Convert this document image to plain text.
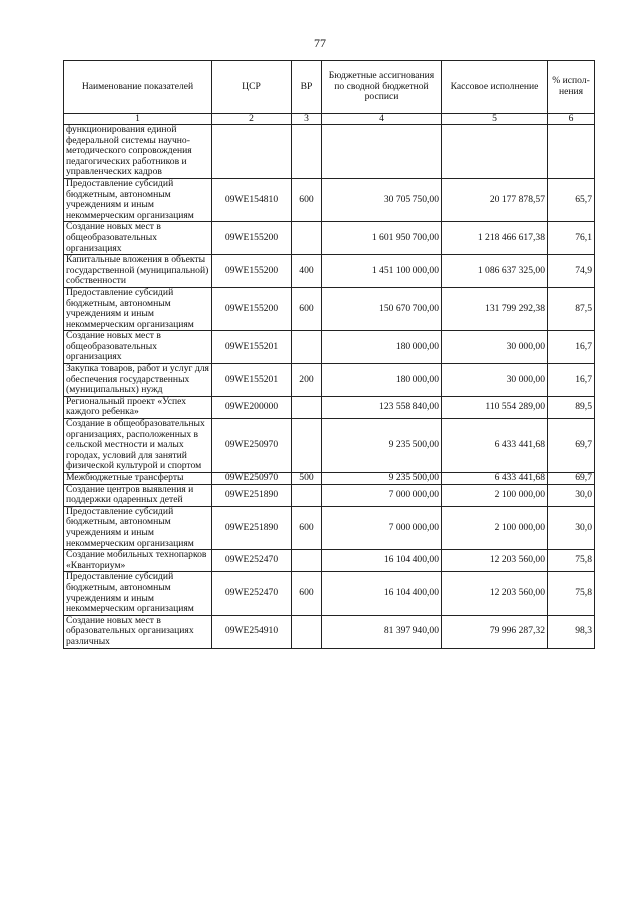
77
Наименование показателей	ЦСР	ВР	Бюджетные ассигнования по сводной бюджетной росписи	Кассовое исполнение	% испол-нения
1	2	3	4	5	6
функционирования единой федеральной системы научно-методического сопровождения педагогических работников и управленческих кадров					
Предоставление субсидий бюджетным, автономным учреждениям и иным некоммерческим организациям	09WE154810	600	30 705 750,00	20 177 878,57	65,7
Создание новых мест в общеобразовательных организациях	09WE155200		1 601 950 700,00	1 218 466 617,38	76,1
Капитальные вложения в объекты государственной (муниципальной) собственности	09WE155200	400	1 451 100 000,00	1 086 637 325,00	74,9
Предоставление субсидий бюджетным, автономным учреждениям и иным некоммерческим организациям	09WE155200	600	150 670 700,00	131 799 292,38	87,5
Создание новых мест в общеобразовательных организациях	09WE155201		180 000,00	30 000,00	16,7
Закупка товаров, работ и услуг для обеспечения государственных (муниципальных) нужд	09WE155201	200	180 000,00	30 000,00	16,7
Региональный проект «Успех каждого ребенка»	09WE200000		123 558 840,00	110 554 289,00	89,5
Создание в общеобразовательных организациях, расположенных в сельской местности и малых городах, условий для занятий физической культурой и спортом	09WE250970		9 235 500,00	6 433 441,68	69,7
Межбюджетные трансферты	09WE250970	500	9 235 500,00	6 433 441,68	69,7
Создание центров выявления и поддержки одаренных детей	09WE251890		7 000 000,00	2 100 000,00	30,0
Предоставление субсидий бюджетным, автономным учреждениям и иным некоммерческим организациям	09WE251890	600	7 000 000,00	2 100 000,00	30,0
Создание мобильных технопарков «Кванториум»	09WE252470		16 104 400,00	12 203 560,00	75,8
Предоставление субсидий бюджетным, автономным учреждениям и иным некоммерческим организациям	09WE252470	600	16 104 400,00	12 203 560,00	75,8
Создание новых мест в образовательных организациях различных	09WE254910		81 397 940,00	79 996 287,32	98,3
